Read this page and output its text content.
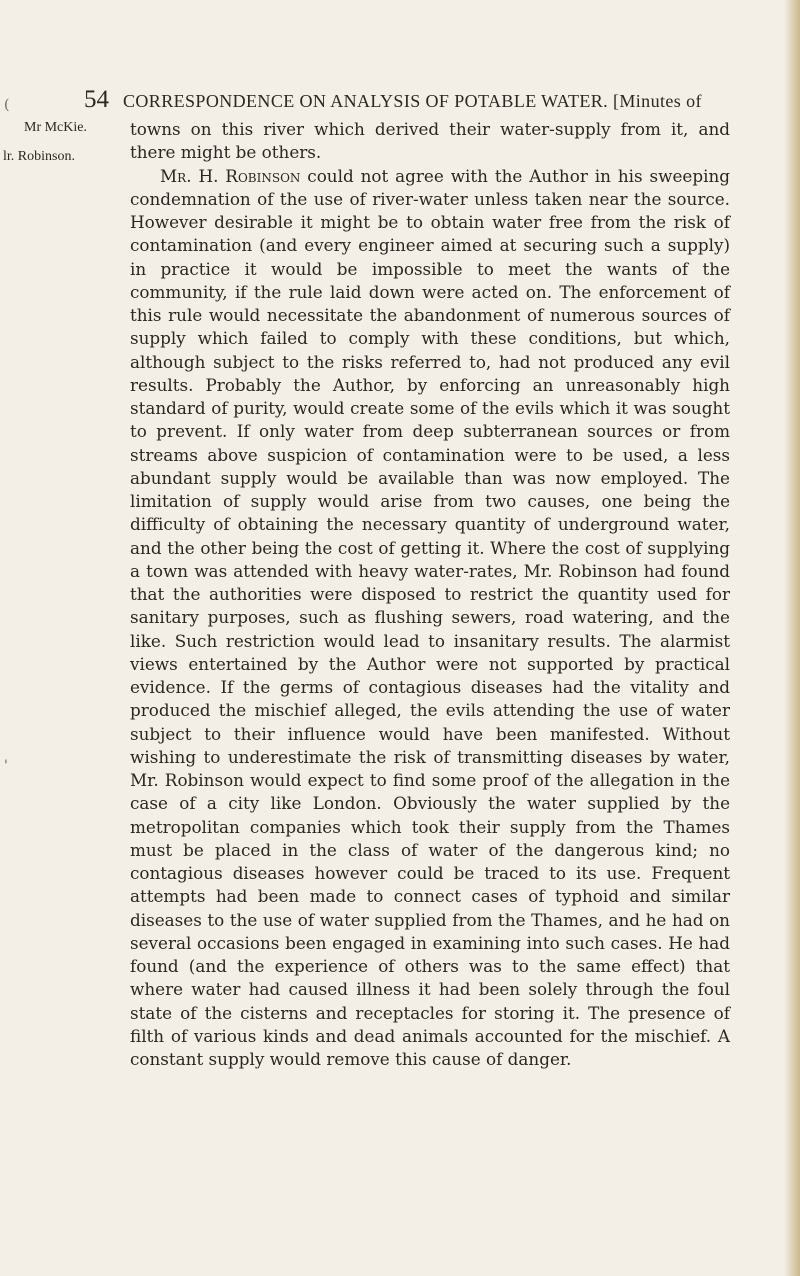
54 CORRESPONDENCE ON ANALYSIS OF POTABLE WATER. [Minutes of
(
'
Mr McKie.
lr. Robinson.

towns on this river which derived their water-supply from it, and there might be others.

Mr. H. Robinson could not agree with the Author in his sweeping condemnation of the use of river-water unless taken near the source. However desirable it might be to obtain water free from the risk of contamination (and every engineer aimed at securing such a supply) in practice it would be impossible to meet the wants of the community, if the rule laid down were acted on. The enforcement of this rule would necessitate the abandonment of numerous sources of supply which failed to comply with these conditions, but which, although subject to the risks referred to, had not produced any evil results. Probably the Author, by enforcing an unreasonably high standard of purity, would create some of the evils which it was sought to prevent. If only water from deep subterranean sources or from streams above suspicion of contamination were to be used, a less abundant supply would be available than was now employed. The limitation of supply would arise from two causes, one being the difficulty of obtaining the necessary quantity of underground water, and the other being the cost of getting it. Where the cost of supplying a town was attended with heavy water-rates, Mr. Robinson had found that the authorities were disposed to restrict the quantity used for sanitary purposes, such as flushing sewers, road watering, and the like. Such restriction would lead to insanitary results. The alarmist views entertained by the Author were not supported by practical evidence. If the germs of contagious diseases had the vitality and produced the mischief alleged, the evils attending the use of water subject to their influence would have been manifested. Without wishing to underestimate the risk of transmitting diseases by water, Mr. Robinson would expect to find some proof of the allegation in the case of a city like London. Obviously the water supplied by the metropolitan companies which took their supply from the Thames must be placed in the class of water of the dangerous kind; no contagious diseases however could be traced to its use. Frequent attempts had been made to connect cases of typhoid and similar diseases to the use of water supplied from the Thames, and he had on several occasions been engaged in examining into such cases. He had found (and the experience of others was to the same effect) that where water had caused illness it had been solely through the foul state of the cisterns and receptacles for storing it. The presence of filth of various kinds and dead animals accounted for the mischief. A constant supply would remove this cause of danger.
